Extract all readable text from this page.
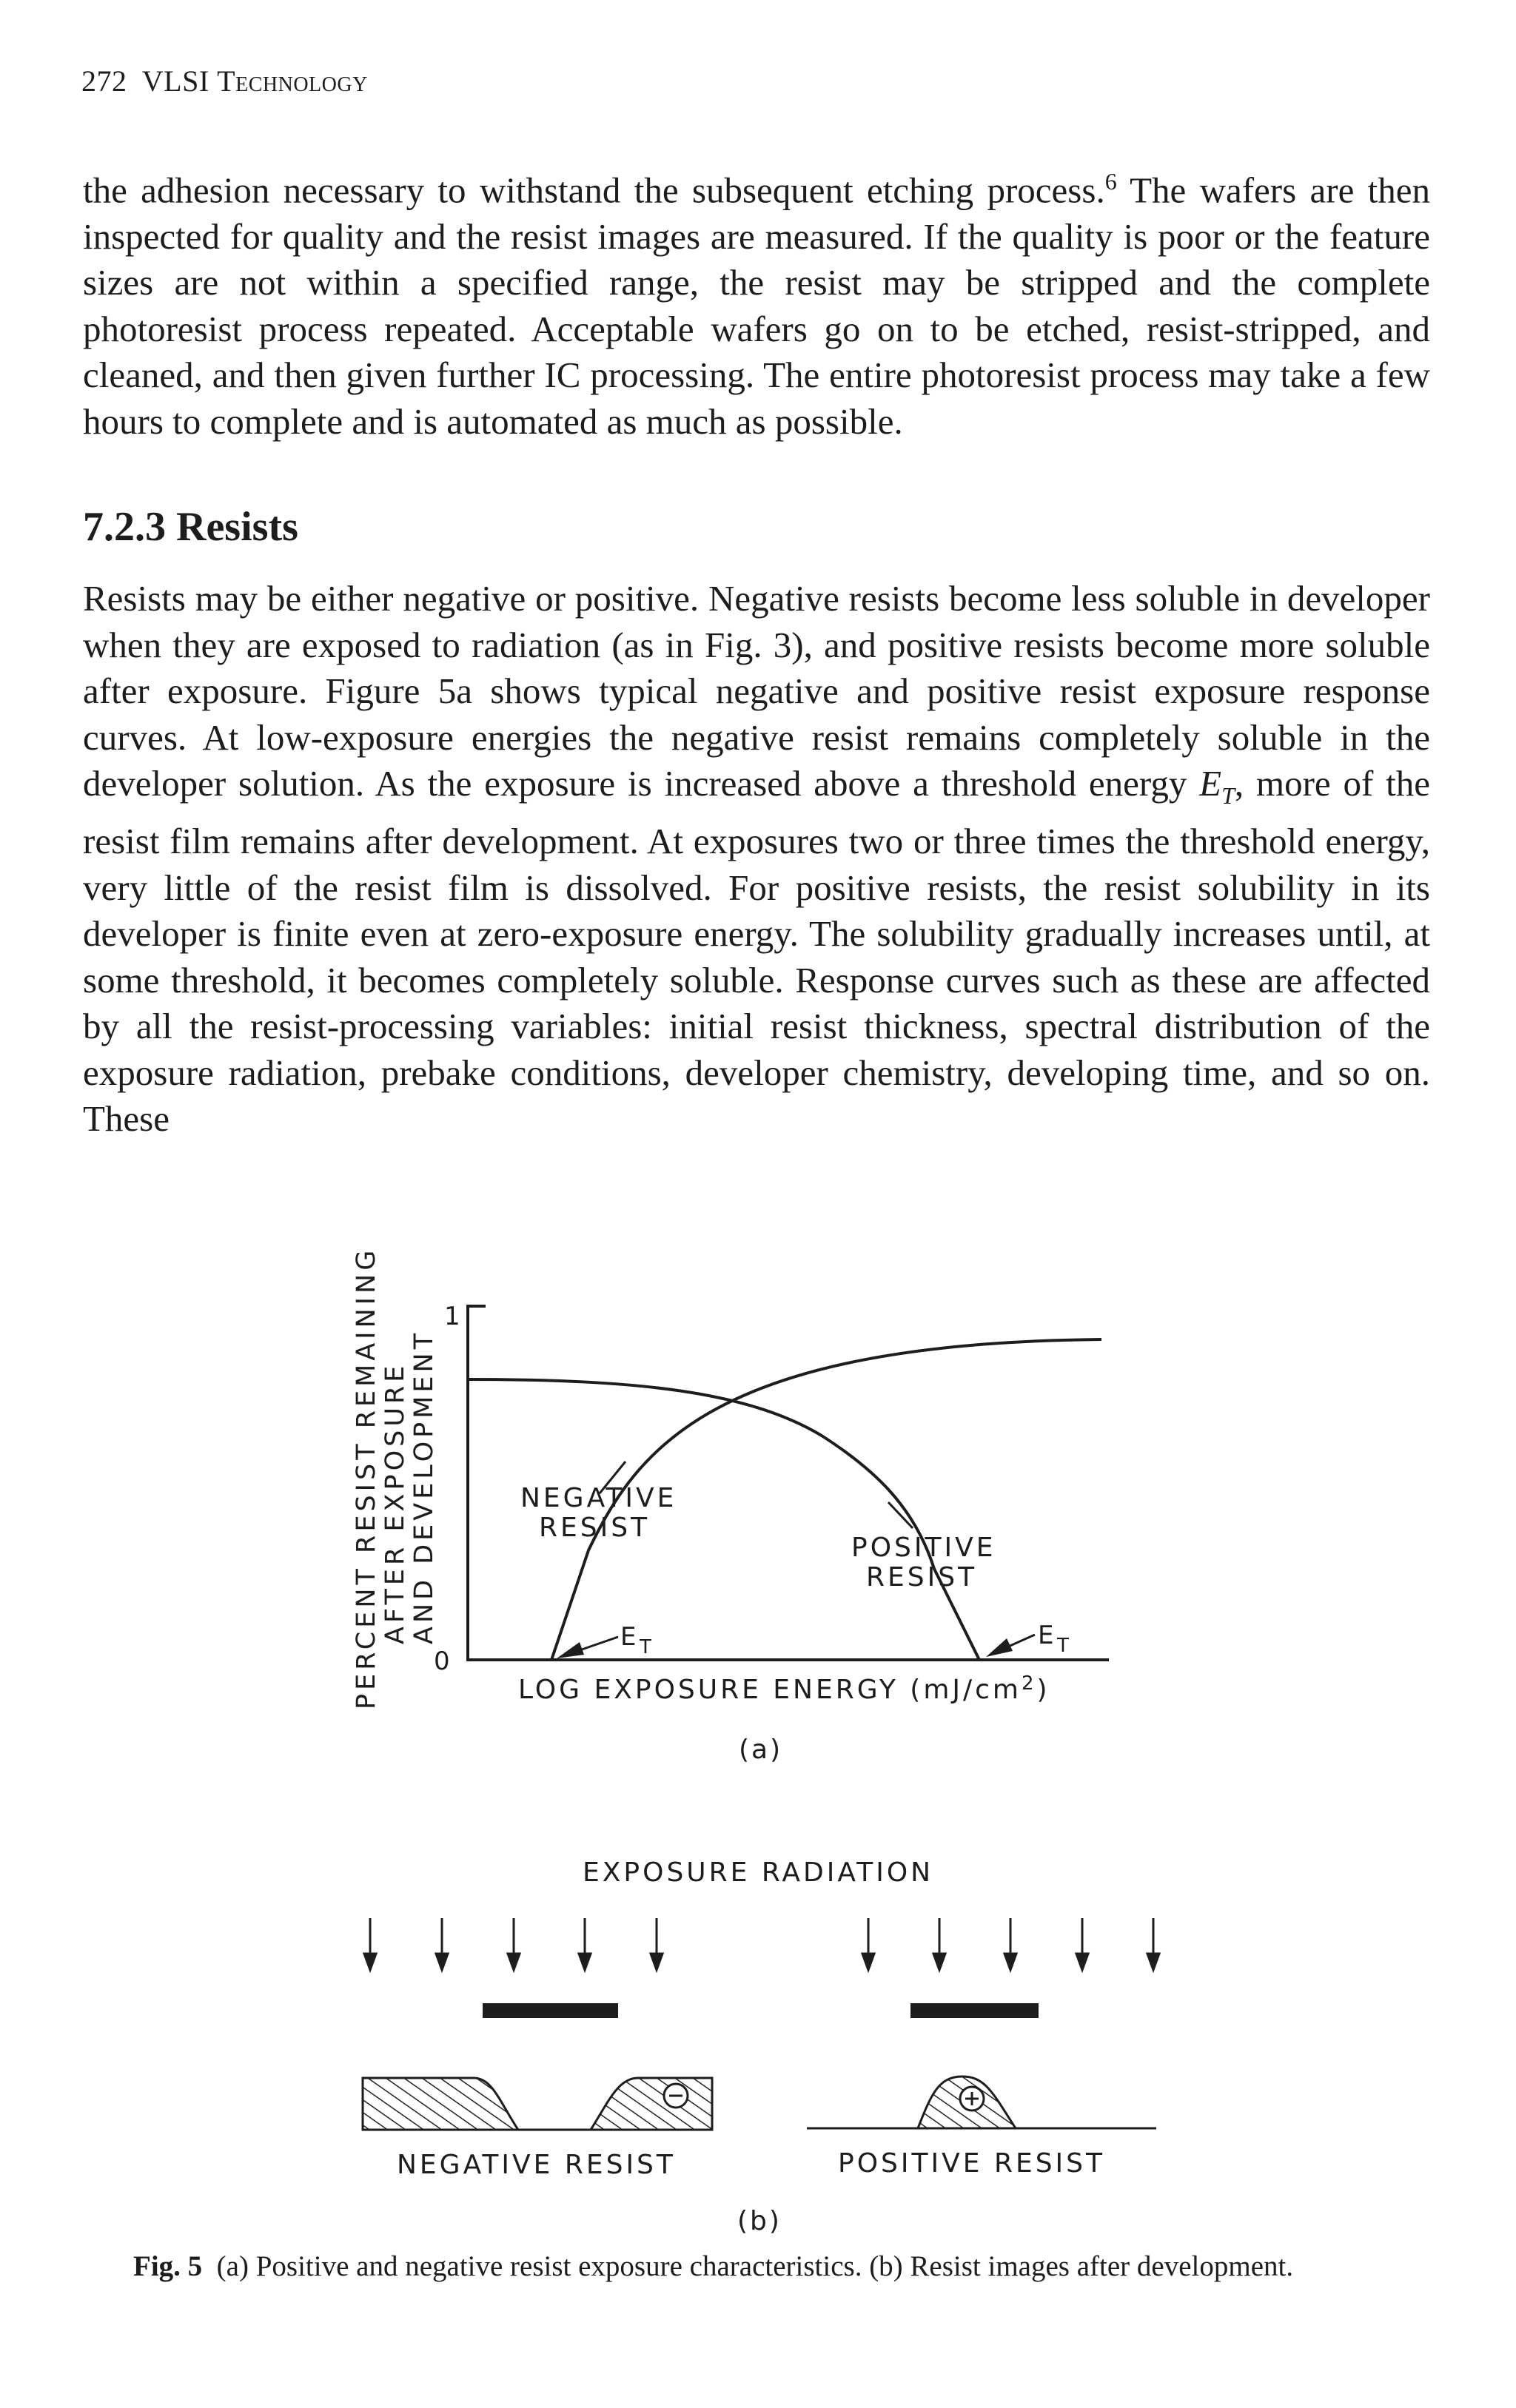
272 VLSI Technology
the adhesion necessary to withstand the subsequent etching process.$^6$ The wafers are then inspected for quality and the resist images are measured. If the quality is poor or the feature sizes are not within a specified range, the resist may be stripped and the complete photoresist process repeated. Acceptable wafers go on to be etched, resist-stripped, and cleaned, and then given further IC processing. The entire photoresist process may take a few hours to complete and is automated as much as possible.
7.2.3 Resists
Resists may be either negative or positive. Negative resists become less soluble in developer when they are exposed to radiation (as in Fig. 3), and positive resists become more soluble after exposure. Figure 5a shows typical negative and positive resist exposure response curves. At low-exposure energies the negative resist remains completely soluble in the developer solution. As the exposure is increased above a threshold energy $E_T$, more of the resist film remains after development. At exposures two or three times the threshold energy, very little of the resist film is dissolved. For positive resists, the resist solubility in its developer is finite even at zero-exposure energy. The solubility gradually increases until, at some threshold, it becomes completely soluble. Response curves such as these are affected by all the resist-processing variables: initial resist thickness, spectral distribution of the exposure radiation, prebake conditions, developer chemistry, developing time, and so on. These
PERCENT RESIST REMAINING AFTER EXPOSURE AND DEVELOPMENT
1
0
NEGATIVE
RESIST
POSITIVE
RESIST
E T	E T
LOG EXPOSURE ENERGY $(mJ/cm^2)$
(a)
EXPOSURE RADIATION
NEGATIVE RESIST	POSITIVE RESIST
(b)
Fig. 5 (a) Positive and negative resist exposure characteristics. (b) Resist images after development.
